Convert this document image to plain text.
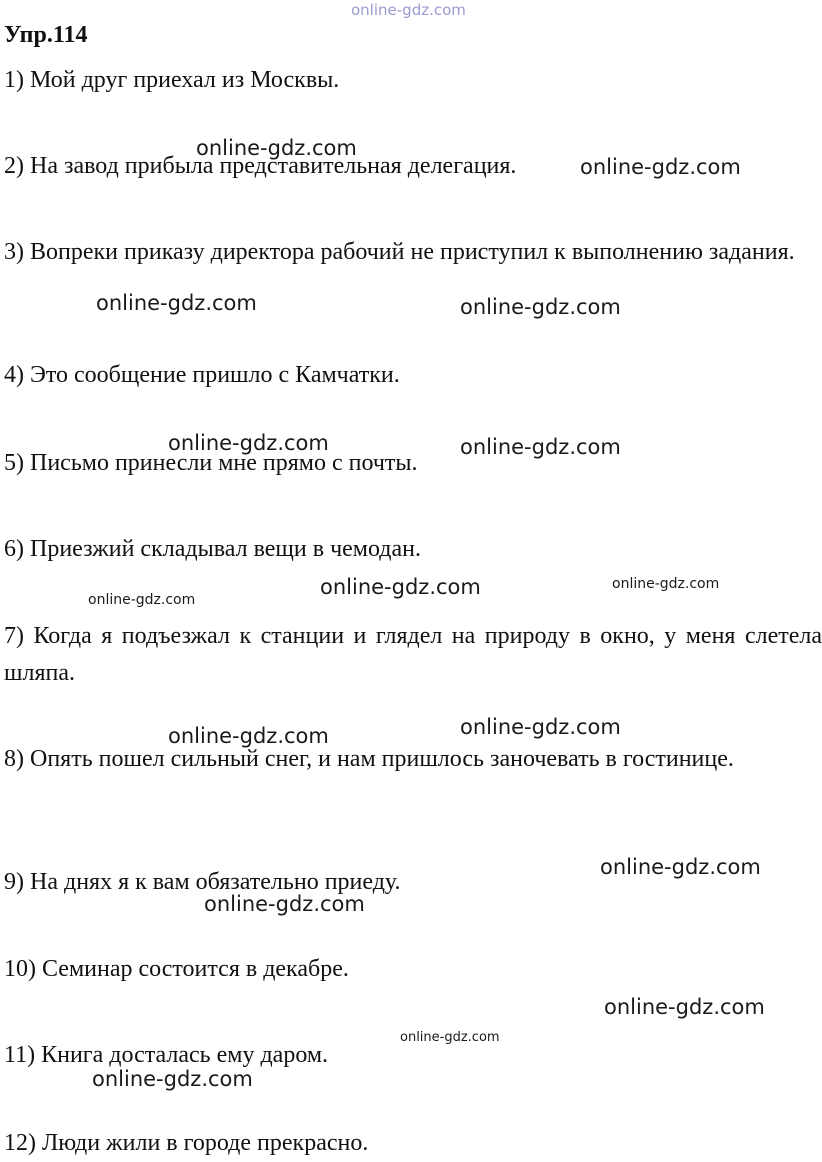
online-gdz.com
Упр.114

1) Мой друг приехал из Москвы.

2) На завод прибыла представительная делегация.

3) Вопреки приказу директора рабочий не приступил к выполнению задания.

4) Это сообщение пришло с Камчатки.

5) Письмо принесли мне прямо с почты.

6) Приезжий складывал вещи в чемодан.

7) Когда я подъезжал к станции и глядел на природу в окно, у меня слетела шляпа.

8) Опять пошел сильный снег, и нам пришлось заночевать в гостинице.

9) На днях я к вам обязательно приеду.

10) Семинар состоится в декабре.

11) Книга досталась ему даром.

12) Люди жили в городе прекрасно.

online-gdz.com
online-gdz.com
online-gdz.com	online-gdz.com
online-gdz.com	online-gdz.com
online-gdz.com	online-gdz.com
online-gdz.com
online-gdz.com	online-gdz.com
online-gdz.com
online-gdz.com
online-gdz.com
online-gdz.com
online-gdz.com
